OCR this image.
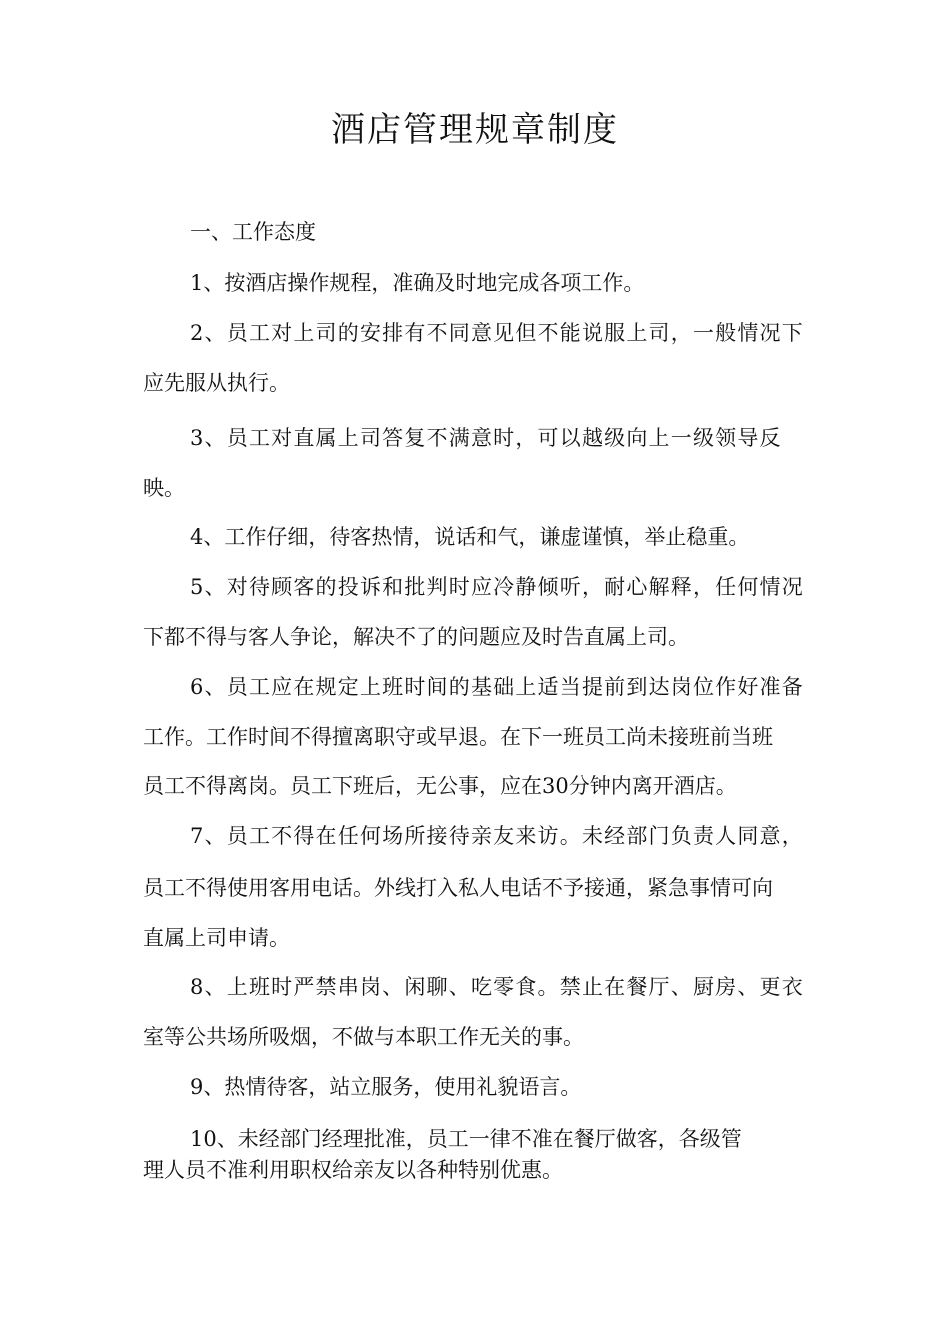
酒店管理规章制度

一、工作态度

1、按酒店操作规程，准确及时地完成各项工作。

2、员工对上司的安排有不同意见但不能说服上司，一般情况下

应先服从执行。

3、员工对直属上司答复不满意时，可以越级向上一级领导反

映。

4、工作仔细，待客热情，说话和气，谦虚谨慎，举止稳重。

5、对待顾客的投诉和批判时应冷静倾听，耐心解释，任何情况

下都不得与客人争论，解决不了的问题应及时告直属上司。

6、员工应在规定上班时间的基础上适当提前到达岗位作好准备

工作。工作时间不得擅离职守或早退。在下一班员工尚未接班前当班

员工不得离岗。员工下班后，无公事，应在30分钟内离开酒店。

7、员工不得在任何场所接待亲友来访。未经部门负责人同意，

员工不得使用客用电话。外线打入私人电话不予接通，紧急事情可向

直属上司申请。

8、上班时严禁串岗、闲聊、吃零食。禁止在餐厅、厨房、更衣

室等公共场所吸烟，不做与本职工作无关的事。

9、热情待客，站立服务，使用礼貌语言。

10、未经部门经理批准，员工一律不准在餐厅做客，各级管

理人员不准利用职权给亲友以各种特别优惠。
